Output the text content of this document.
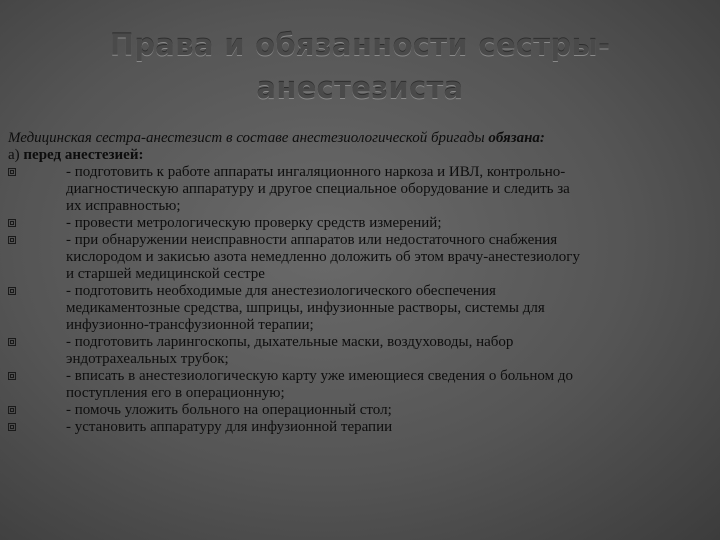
Права и обязанности сестры-
анестезиста
Медицинская сестра-анестезист в составе анестезиологической бригады обязана:
а) перед анестезией:
- подготовить к работе аппараты ингаляционного наркоза и ИВЛ, контрольно-
диагностическую аппаратуру и другое специальное оборудование и следить за
их исправностью;
- провести метрологическую проверку средств измерений;
- при обнаружении неисправности аппаратов или недостаточного снабжения
кислородом и закисью азота немедленно доложить об этом врачу-анестезиологу
и старшей медицинской сестре
- подготовить необходимые для анестезиологического обеспечения
медикаментозные средства, шприцы, инфузионные растворы, системы для
инфузионно-трансфузионной терапии;
- подготовить ларингоскопы, дыхательные маски, воздуховоды, набор
эндотрахеальных трубок;
- вписать в анестезиологическую карту уже имеющиеся сведения о больном до
поступления его в операционную;
- помочь уложить больного на операционный стол;
- установить аппаратуру для инфузионной терапии
